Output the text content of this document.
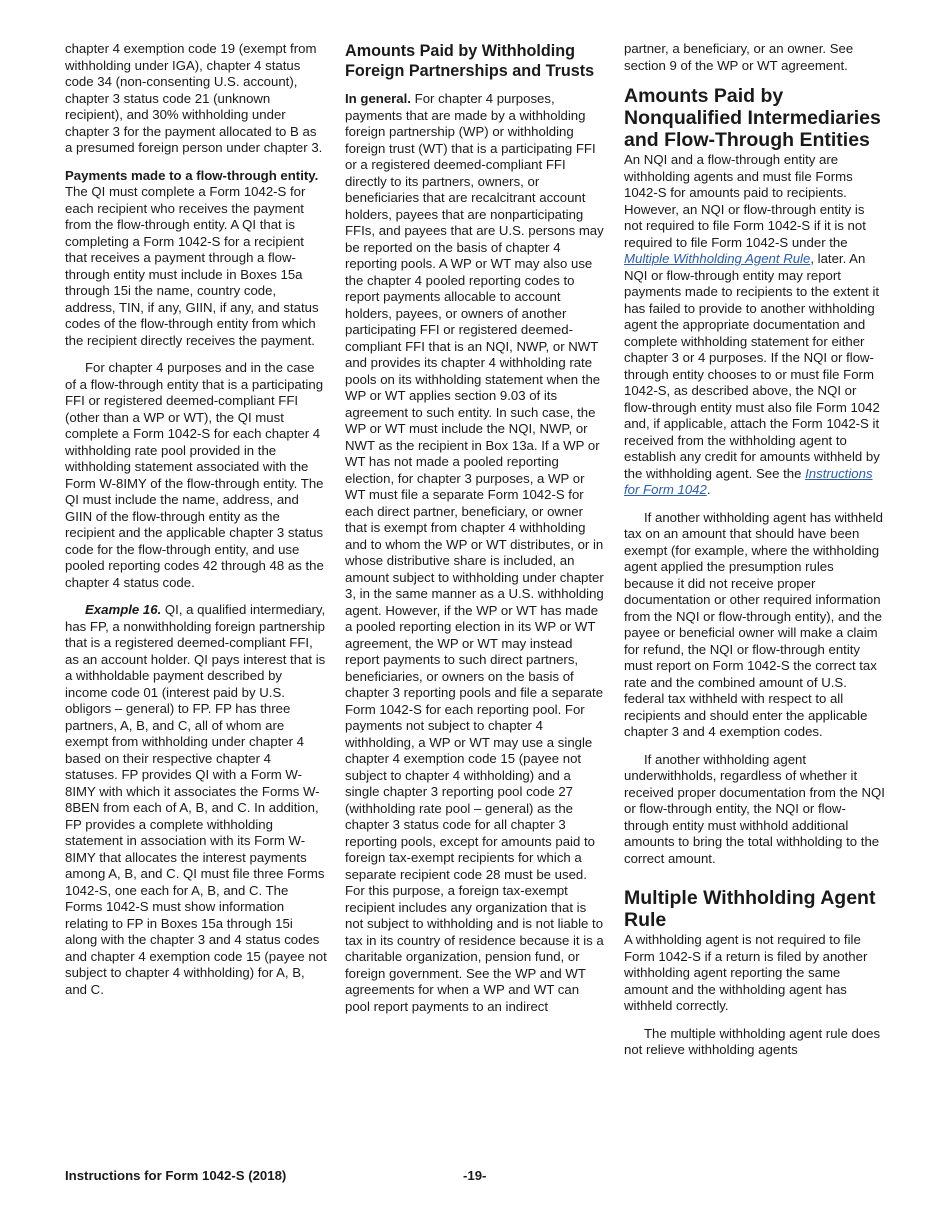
chapter 4 exemption code 19 (exempt from withholding under IGA), chapter 4 status code 34 (non-consenting U.S. account), chapter 3 status code 21 (unknown recipient), and 30% withholding under chapter 3 for the payment allocated to B as a presumed foreign person under chapter 3.

Payments made to a flow-through entity. The QI must complete a Form 1042-S for each recipient who receives the payment from the flow-through entity. A QI that is completing a Form 1042-S for a recipient that receives a payment through a flow-through entity must include in Boxes 15a through 15i the name, country code, address, TIN, if any, GIIN, if any, and status codes of the flow-through entity from which the recipient directly receives the payment.

For chapter 4 purposes and in the case of a flow-through entity that is a participating FFI or registered deemed-compliant FFI (other than a WP or WT), the QI must complete a Form 1042-S for each chapter 4 withholding rate pool provided in the withholding statement associated with the Form W-8IMY of the flow-through entity. The QI must include the name, address, and GIIN of the flow-through entity as the recipient and the applicable chapter 3 status code for the flow-through entity, and use pooled reporting codes 42 through 48 as the chapter 4 status code.

Example 16. QI, a qualified intermediary, has FP, a nonwithholding foreign partnership that is a registered deemed-compliant FFI, as an account holder. QI pays interest that is a withholdable payment described by income code 01 (interest paid by U.S. obligors – general) to FP. FP has three partners, A, B, and C, all of whom are exempt from withholding under chapter 4 based on their respective chapter 4 statuses. FP provides QI with a Form W-8IMY with which it associates the Forms W-8BEN from each of A, B, and C. In addition, FP provides a complete withholding statement in association with its Form W-8IMY that allocates the interest payments among A, B, and C. QI must file three Forms 1042-S, one each for A, B, and C. The Forms 1042-S must show information relating to FP in Boxes 15a through 15i along with the chapter 3 and 4 status codes and chapter 4 exemption code 15 (payee not subject to chapter 4 withholding) for A, B, and C.

Amounts Paid by Withholding Foreign Partnerships and Trusts

In general. For chapter 4 purposes, payments that are made by a withholding foreign partnership (WP) or withholding foreign trust (WT) that is a participating FFI or a registered deemed-compliant FFI directly to its partners, owners, or beneficiaries that are recalcitrant account holders, payees that are nonparticipating FFIs, and payees that are U.S. persons may be reported on the basis of chapter 4 reporting pools. A WP or WT may also use the chapter 4 pooled reporting codes to report payments allocable to account holders, payees, or owners of another participating FFI or registered deemed-compliant FFI that is an NQI, NWP, or NWT and provides its chapter 4 withholding rate pools on its withholding statement when the WP or WT applies section 9.03 of its agreement to such entity. In such case, the WP or WT must include the NQI, NWP, or NWT as the recipient in Box 13a. If a WP or WT has not made a pooled reporting election, for chapter 3 purposes, a WP or WT must file a separate Form 1042-S for each direct partner, beneficiary, or owner that is exempt from chapter 4 withholding and to whom the WP or WT distributes, or in whose distributive share is included, an amount subject to withholding under chapter 3, in the same manner as a U.S. withholding agent. However, if the WP or WT has made a pooled reporting election in its WP or WT agreement, the WP or WT may instead report payments to such direct partners, beneficiaries, or owners on the basis of chapter 3 reporting pools and file a separate Form 1042-S for each reporting pool. For payments not subject to chapter 4 withholding, a WP or WT may use a single chapter 4 exemption code 15 (payee not subject to chapter 4 withholding) and a single chapter 3 reporting pool code 27 (withholding rate pool – general) as the chapter 3 status code for all chapter 3 reporting pools, except for amounts paid to foreign tax-exempt recipients for which a separate recipient code 28 must be used. For this purpose, a foreign tax-exempt recipient includes any organization that is not subject to withholding and is not liable to tax in its country of residence because it is a charitable organization, pension fund, or foreign government. See the WP and WT agreements for when a WP and WT can pool report payments to an indirect

partner, a beneficiary, or an owner. See section 9 of the WP or WT agreement.

Amounts Paid by Nonqualified Intermediaries and Flow-Through Entities

An NQI and a flow-through entity are withholding agents and must file Forms 1042-S for amounts paid to recipients. However, an NQI or flow-through entity is not required to file Form 1042-S if it is not required to file Form 1042-S under the Multiple Withholding Agent Rule, later. An NQI or flow-through entity may report payments made to recipients to the extent it has failed to provide to another withholding agent the appropriate documentation and complete withholding statement for either chapter 3 or 4 purposes. If the NQI or flow-through entity chooses to or must file Form 1042-S, as described above, the NQI or flow-through entity must also file Form 1042 and, if applicable, attach the Form 1042-S it received from the withholding agent to establish any credit for amounts withheld by the withholding agent. See the Instructions for Form 1042.

If another withholding agent has withheld tax on an amount that should have been exempt (for example, where the withholding agent applied the presumption rules because it did not receive proper documentation or other required information from the NQI or flow-through entity), and the payee or beneficial owner will make a claim for refund, the NQI or flow-through entity must report on Form 1042-S the correct tax rate and the combined amount of U.S. federal tax withheld with respect to all recipients and should enter the applicable chapter 3 and 4 exemption codes.

If another withholding agent underwithholds, regardless of whether it received proper documentation from the NQI or flow-through entity, the NQI or flow-through entity must withhold additional amounts to bring the total withholding to the correct amount.

Multiple Withholding Agent Rule

A withholding agent is not required to file Form 1042-S if a return is filed by another withholding agent reporting the same amount and the withholding agent has withheld correctly.

The multiple withholding agent rule does not relieve withholding agents

Instructions for Form 1042-S (2018)	-19-
